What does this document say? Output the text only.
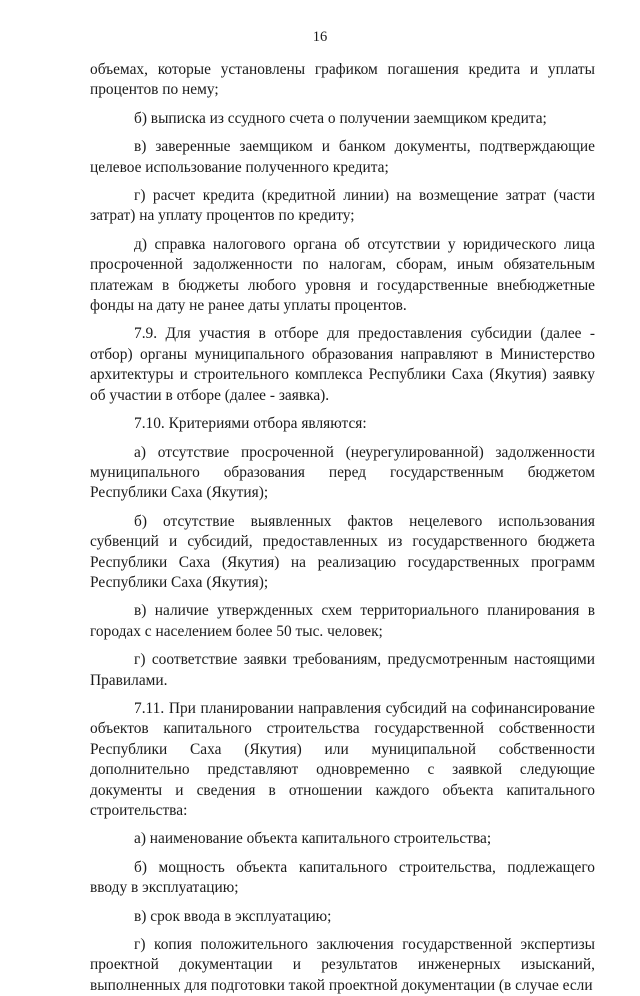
16

объемах, которые установлены графиком погашения кредита и уплаты процентов по нему;

б) выписка из ссудного счета о получении заемщиком кредита;

в) заверенные заемщиком и банком документы, подтверждающие целевое использование полученного кредита;

г) расчет кредита (кредитной линии) на возмещение затрат (части затрат) на уплату процентов по кредиту;

д) справка налогового органа об отсутствии у юридического лица просроченной задолженности по налогам, сборам, иным обязательным платежам в бюджеты любого уровня и государственные внебюджетные фонды на дату не ранее даты уплаты процентов.

7.9. Для участия в отборе для предоставления субсидии (далее - отбор) органы муниципального образования направляют в Министерство архитектуры и строительного комплекса Республики Саха (Якутия) заявку об участии в отборе (далее - заявка).

7.10. Критериями отбора являются:

а) отсутствие просроченной (неурегулированной) задолженности муниципального образования перед государственным бюджетом Республики Саха (Якутия);

б) отсутствие выявленных фактов нецелевого использования субвенций и субсидий, предоставленных из государственного бюджета Республики Саха (Якутия) на реализацию государственных программ Республики Саха (Якутия);

в) наличие утвержденных схем территориального планирования в городах с населением более 50 тыс. человек;

г) соответствие заявки требованиям, предусмотренным настоящими Правилами.

7.11. При планировании направления субсидий на софинансирование объектов капитального строительства государственной собственности Республики Саха (Якутия) или муниципальной собственности дополнительно представляют одновременно с заявкой следующие документы и сведения в отношении каждого объекта капитального строительства:

а) наименование объекта капитального строительства;

б) мощность объекта капитального строительства, подлежащего вводу в эксплуатацию;

в) срок ввода в эксплуатацию;

г) копия положительного заключения государственной экспертизы проектной документации и результатов инженерных изысканий, выполненных для подготовки такой проектной документации (в случае если
